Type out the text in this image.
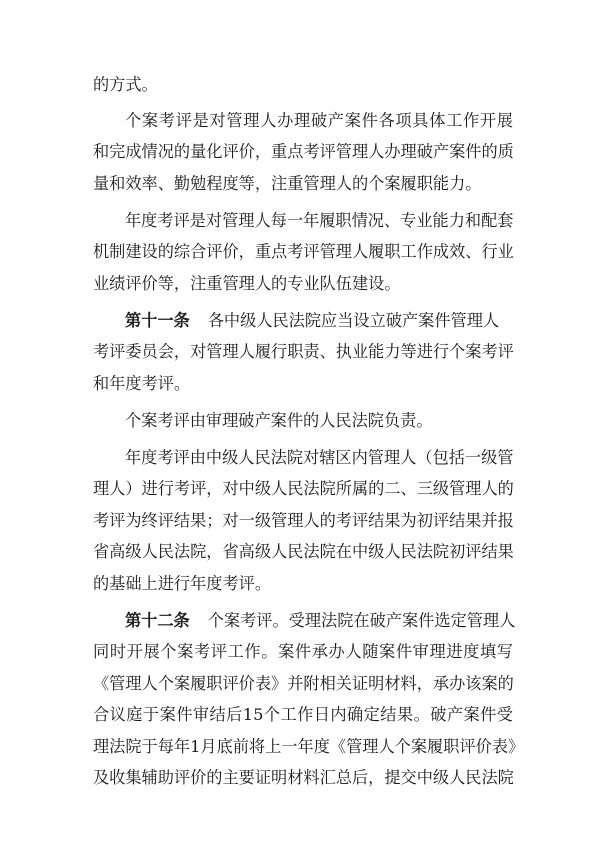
的方式。
个案考评是对管理人办理破产案件各项具体工作开展
和完成情况的量化评价，重点考评管理人办理破产案件的质
量和效率、勤勉程度等，注重管理人的个案履职能力。
年度考评是对管理人每一年履职情况、专业能力和配套
机制建设的综合评价，重点考评管理人履职工作成效、行业
业绩评价等，注重管理人的专业队伍建设。
第十一条 各中级人民法院应当设立破产案件管理人
考评委员会，对管理人履行职责、执业能力等进行个案考评
和年度考评。
个案考评由审理破产案件的人民法院负责。
年度考评由中级人民法院对辖区内管理人（包括一级管
理人）进行考评，对中级人民法院所属的二、三级管理人的
考评为终评结果；对一级管理人的考评结果为初评结果并报
省高级人民法院，省高级人民法院在中级人民法院初评结果
的基础上进行年度考评。
第十二条 个案考评。受理法院在破产案件选定管理人
同时开展个案考评工作。案件承办人随案件审理进度填写
《管理人个案履职评价表》并附相关证明材料，承办该案的
合议庭于案件审结后15个工作日内确定结果。破产案件受
理法院于每年1月底前将上一年度《管理人个案履职评价表》
及收集辅助评价的主要证明材料汇总后，提交中级人民法院
